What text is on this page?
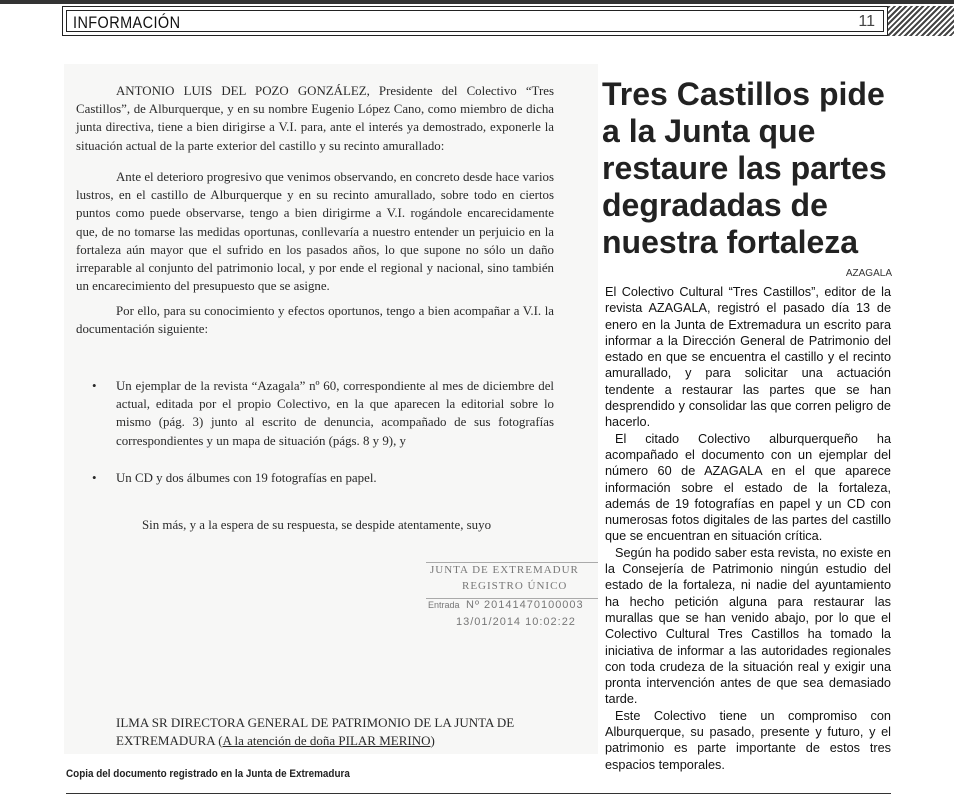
INFORMACIÓN	11

ANTONIO LUIS DEL POZO GONZÁLEZ, Presidente del Colectivo “Tres Castillos”, de Alburquerque, y en su nombre Eugenio López Cano, como miembro de dicha junta directiva, tiene a bien dirigirse a V.I. para, ante el interés ya demostrado, exponerle la situación actual de la parte exterior del castillo y su recinto amurallado:

Ante el deterioro progresivo que venimos observando, en concreto desde hace varios lustros, en el castillo de Alburquerque y en su recinto amurallado, sobre todo en ciertos puntos como puede observarse, tengo a bien dirigirme a V.I. rogándole encarecidamente que, de no tomarse las medidas oportunas, conllevaría a nuestro entender un perjuicio en la fortaleza aún mayor que el sufrido en los pasados años, lo que supone no sólo un daño irreparable al conjunto del patrimonio local, y por ende el regional y nacional, sino también un encarecimiento del presupuesto que se asigne.

Por ello, para su conocimiento y efectos oportunos, tengo a bien acompañar a V.I. la documentación siguiente:

• Un ejemplar de la revista “Azagala” nº 60, correspondiente al mes de diciembre del actual, editada por el propio Colectivo, en la que aparecen la editorial sobre lo mismo (pág. 3) junto al escrito de denuncia, acompañado de sus fotografías correspondientes y un mapa de situación (págs. 8 y 9), y
• Un CD y dos álbumes con 19 fotografías en papel.
Sin más, y a la espera de su respuesta, se despide atentamente, suyo
JUNTA DE EXTREMADUR
REGISTRO ÚNICO
Entrada Nº 20141470100003
13/01/2014 10:02:22
ILMA SR DIRECTORA GENERAL DE PATRIMONIO DE LA JUNTA DE
EXTREMADURA (A la atención de doña PILAR MERINO)
Copia del documento registrado en la Junta de Extremadura
Tres Castillos pide a la Junta que restaure las partes degradadas de nuestra fortaleza
AZAGALA

El Colectivo Cultural “Tres Castillos”, editor de la revista AZAGALA, registró el pasado día 13 de enero en la Junta de Extremadura un escrito para informar a la Dirección General de Patrimonio del estado en que se encuentra el castillo y el recinto amurallado, y para solicitar una actuación tendente a restaurar las partes que se han desprendido y consolidar las que corren peligro de hacerlo.

El citado Colectivo alburquerqueño ha acompañado el documento con un ejemplar del número 60 de AZAGALA en el que aparece información sobre el estado de la fortaleza, además de 19 fotografías en papel y un CD con numerosas fotos digitales de las partes del castillo que se encuentran en situación crítica.

Según ha podido saber esta revista, no existe en la Consejería de Patrimonio ningún estudio del estado de la fortaleza, ni nadie del ayuntamiento ha hecho petición alguna para restaurar las murallas que se han venido abajo, por lo que el Colectivo Cultural Tres Castillos ha tomado la iniciativa de informar a las autoridades regionales con toda crudeza de la situación real y exigir una pronta intervención antes de que sea demasiado tarde.

Este Colectivo tiene un compromiso con Alburquerque, su pasado, presente y futuro, y el patrimonio es parte importante de estos tres espacios temporales.
